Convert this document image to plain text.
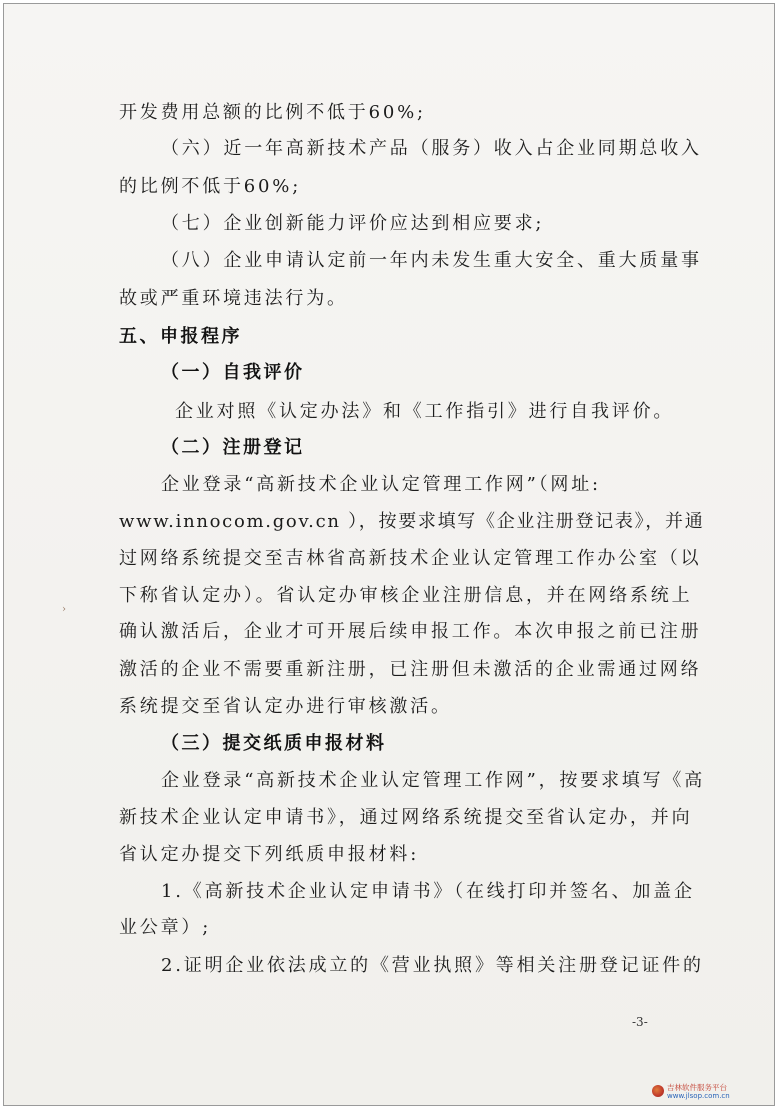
开发费用总额的比例不低于60%;
（六）近一年高新技术产品（服务）收入占企业同期总收入
的比例不低于60%;
（七）企业创新能力评价应达到相应要求;
（八）企业申请认定前一年内未发生重大安全、重大质量事
故或严重环境违法行为。
五、申报程序
（一）自我评价
企业对照《认定办法》和《工作指引》进行自我评价。
（二）注册登记
企业登录“高新技术企业认定管理工作网”（网址:
www.innocom.gov.cn ），按要求填写《企业注册登记表》，并通
过网络系统提交至吉林省高新技术企业认定管理工作办公室（以
下称省认定办）。省认定办审核企业注册信息，并在网络系统上
确认激活后，企业才可开展后续申报工作。本次申报之前已注册
激活的企业不需要重新注册，已注册但未激活的企业需通过网络
系统提交至省认定办进行审核激活。
（三）提交纸质申报材料
企业登录“高新技术企业认定管理工作网”，按要求填写《高
新技术企业认定申请书》，通过网络系统提交至省认定办，并向
省认定办提交下列纸质申报材料:
1.《高新技术企业认定申请书》（在线打印并签名、加盖企
业公章）;
2.证明企业依法成立的《营业执照》等相关注册登记证件的
›
-3-
吉林软件服务平台
www.jlsop.com.cn
